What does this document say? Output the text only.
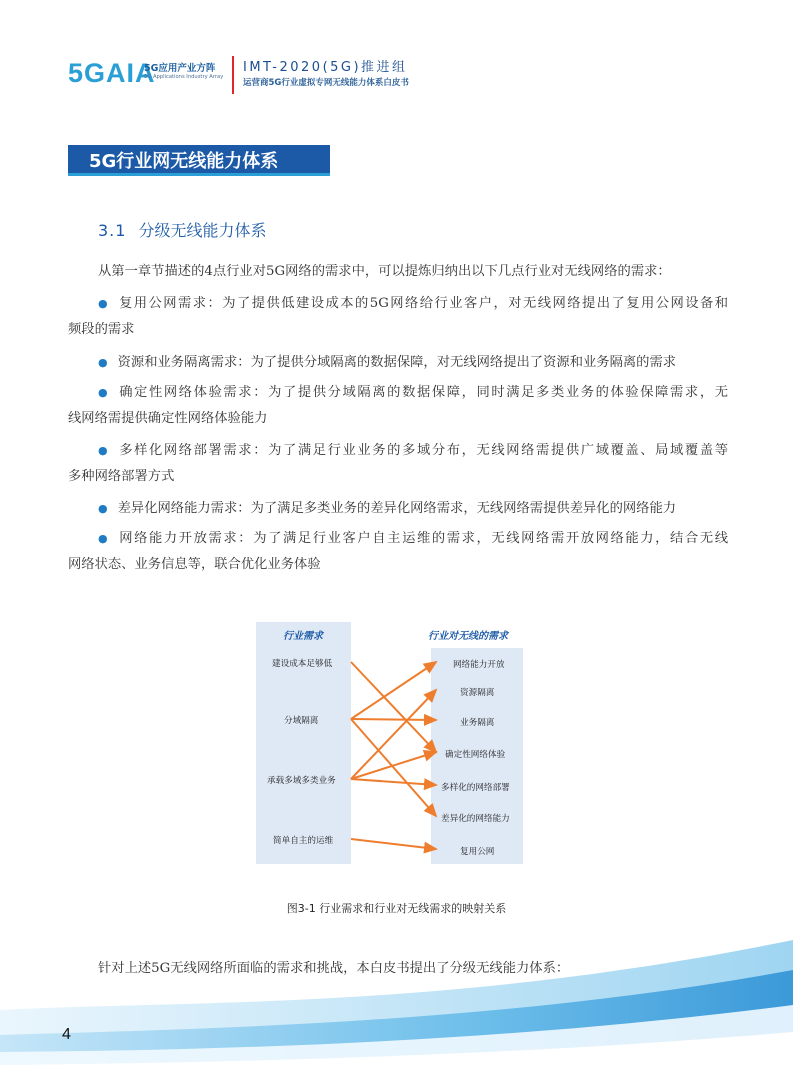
5GAIA
5G应用产业方阵
5G Applications Industry Array
IMT-2020(5G)推进组
运营商5G行业虚拟专网无线能力体系白皮书
5G行业网无线能力体系
3.1 分级无线能力体系
从第一章节描述的4点行业对5G网络的需求中，可以提炼归纳出以下几点行业对无线网络的需求：
● 复用公网需求：为了提供低建设成本的5G网络给行业客户，对无线网络提出了复用公网设备和
频段的需求
● 资源和业务隔离需求：为了提供分域隔离的数据保障，对无线网络提出了资源和业务隔离的需求
● 确定性网络体验需求：为了提供分域隔离的数据保障，同时满足多类业务的体验保障需求，无
线网络需提供确定性网络体验能力
● 多样化网络部署需求：为了满足行业业务的多域分布，无线网络需提供广域覆盖、局域覆盖等
多种网络部署方式
● 差异化网络能力需求：为了满足多类业务的差异化网络需求，无线网络需提供差异化的网络能力
● 网络能力开放需求：为了满足行业客户自主运维的需求，无线网络需开放网络能力，结合无线
网络状态、业务信息等，联合优化业务体验
行业需求	行业对无线的需求
建设成本足够低
分域隔离
承载多域多类业务
简单自主的运维
网络能力开放
资源隔离
业务隔离
确定性网络体验
多样化的网络部署
差异化的网络能力
复用公网
图3-1 行业需求和行业对无线需求的映射关系
针对上述5G无线网络所面临的需求和挑战，本白皮书提出了分级无线能力体系：
4
